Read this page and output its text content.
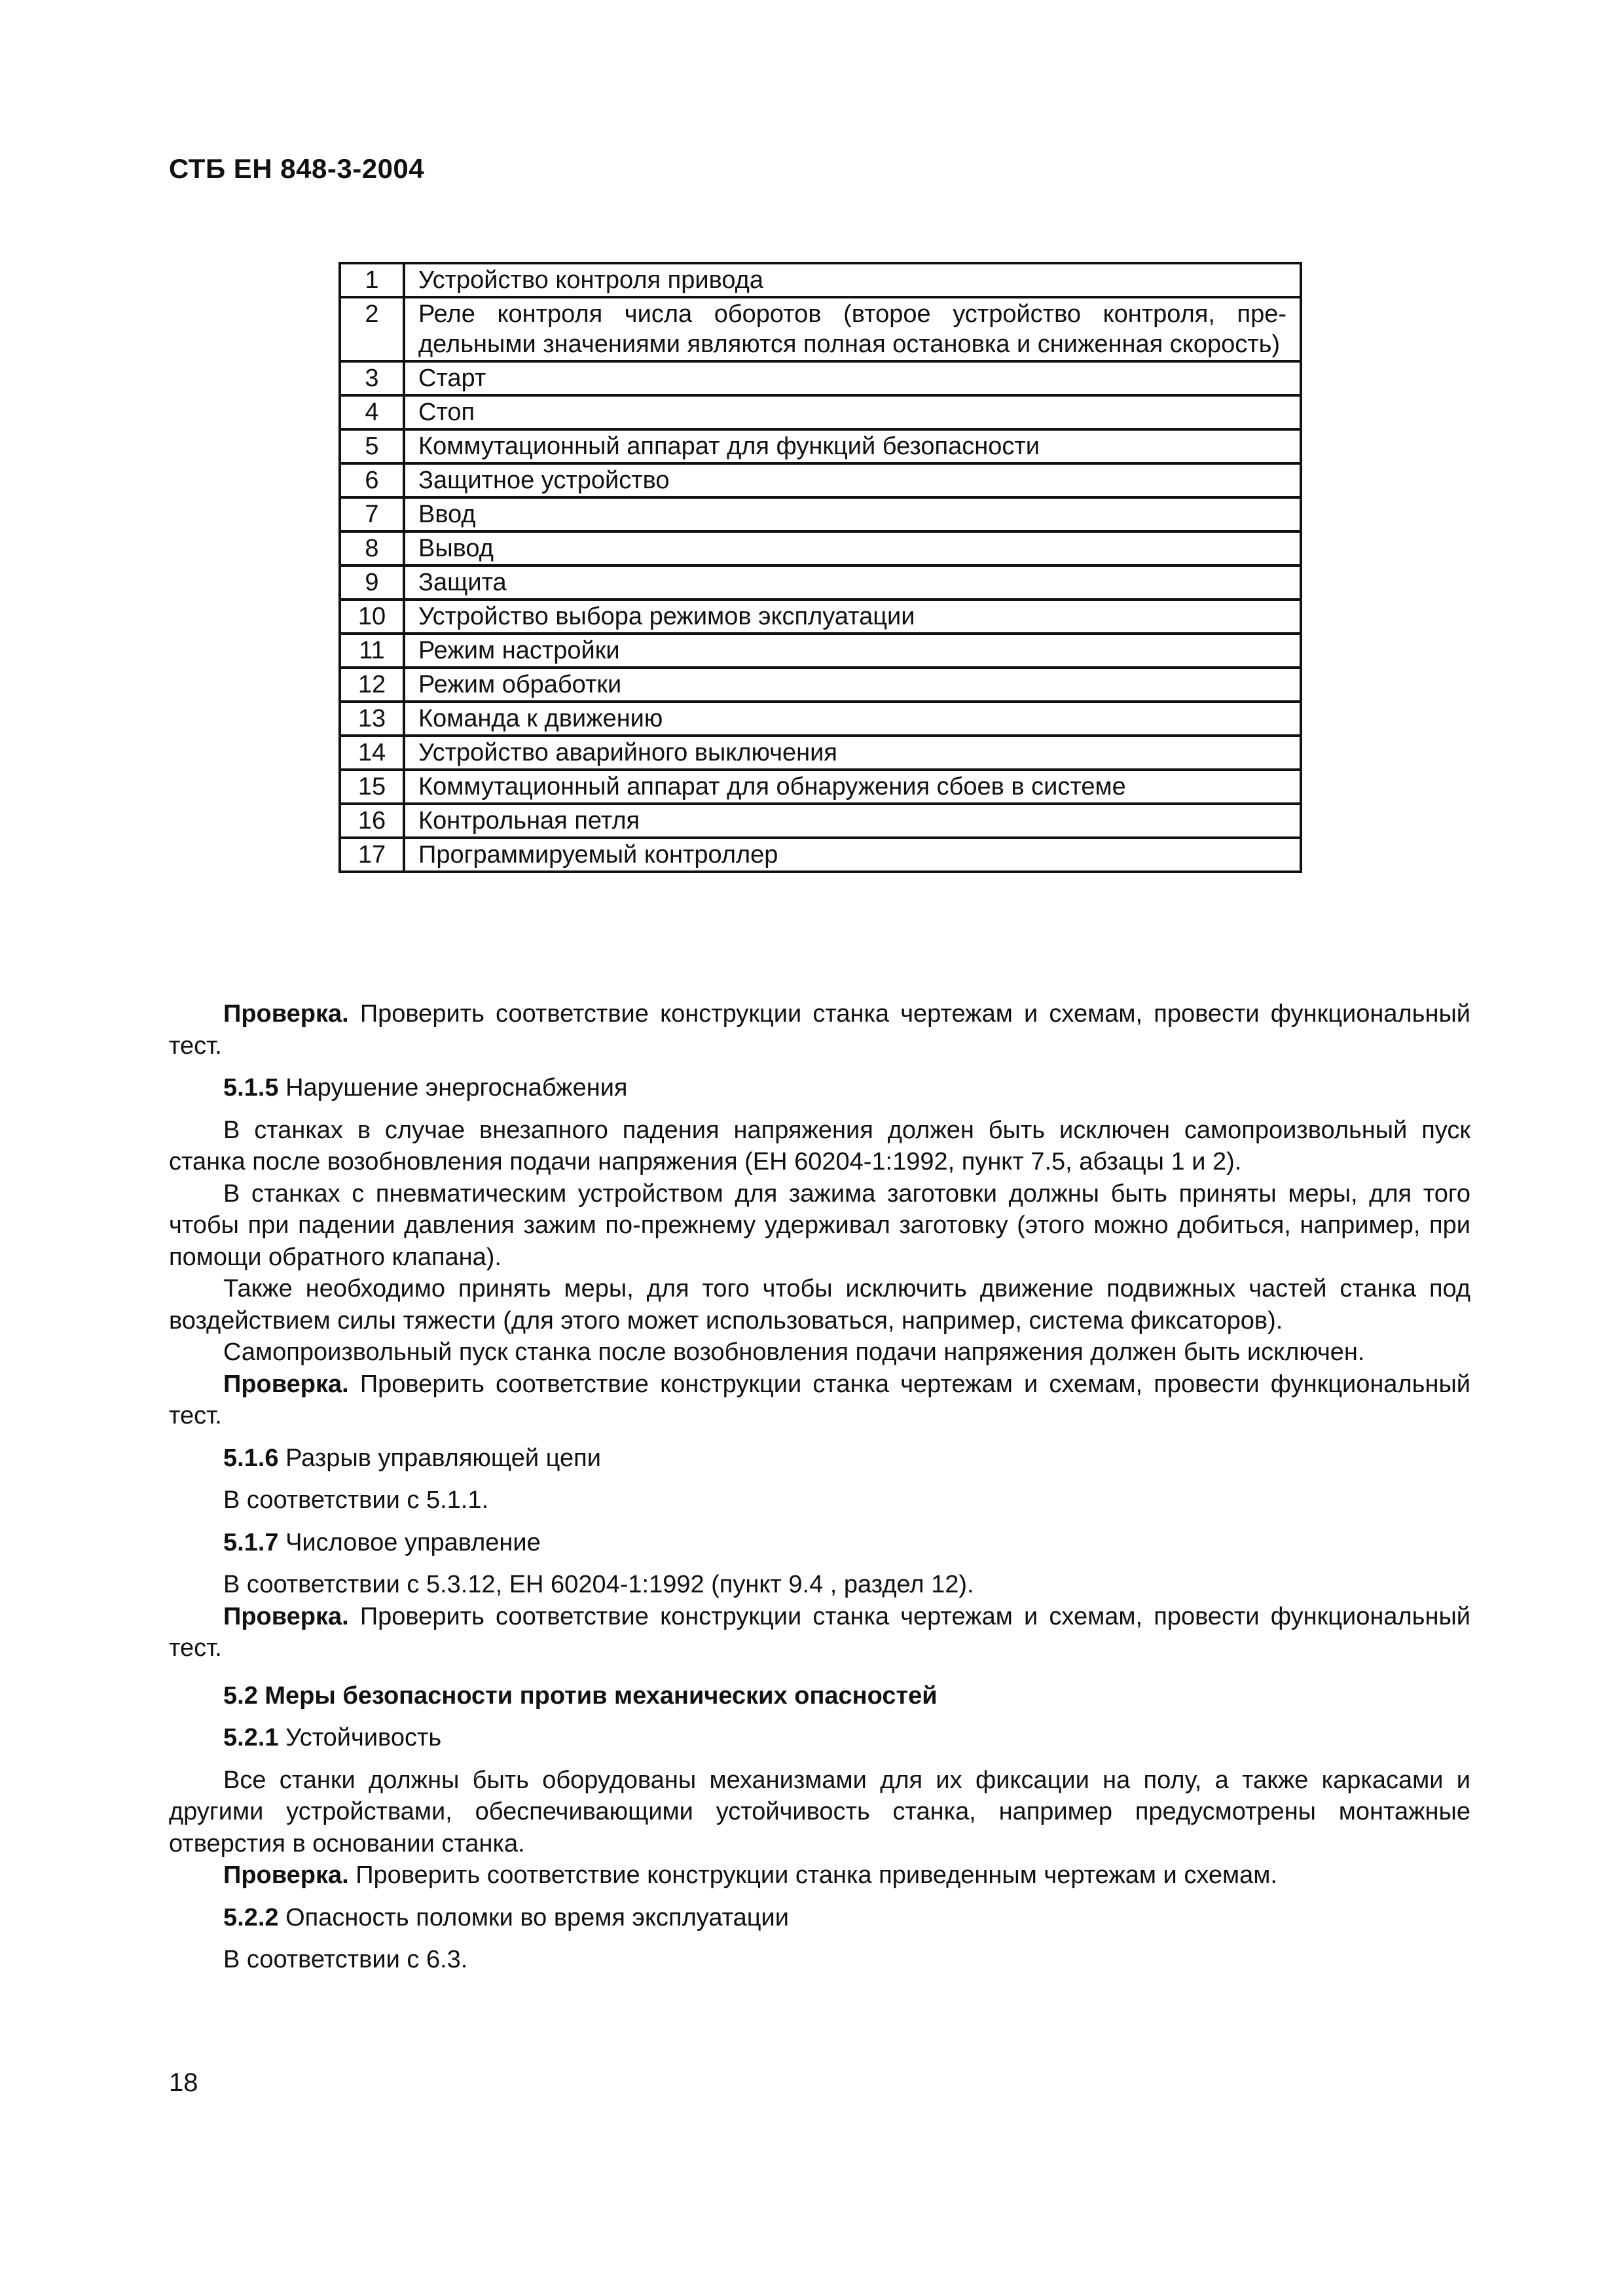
СТБ ЕН 848-3-2004
1	Устройство контроля привода
2	Реле контроля числа оборотов (второе устройство контроля, предельными значениями являются полная остановка и сниженная скорость)
3	Старт
4	Стоп
5	Коммутационный аппарат для функций безопасности
6	Защитное устройство
7	Ввод
8	Вывод
9	Защита
10	Устройство выбора режимов эксплуатации
11	Режим настройки
12	Режим обработки
13	Команда к движению
14	Устройство аварийного выключения
15	Коммутационный аппарат для обнаружения сбоев в системе
16	Контрольная петля
17	Программируемый контроллер

Проверка. Проверить соответствие конструкции станка чертежам и схемам, провести функциональный тест.

5.1.5 Нарушение энергоснабжения

В станках в случае внезапного падения напряжения должен быть исключен самопроизвольный пуск станка после возобновления подачи напряжения (ЕН 60204-1:1992, пункт 7.5, абзацы 1 и 2).

В станках с пневматическим устройством для зажима заготовки должны быть приняты меры, для того чтобы при падении давления зажим по-прежнему удерживал заготовку (этого можно добиться, например, при помощи обратного клапана).

Также необходимо принять меры, для того чтобы исключить движение подвижных частей станка под воздействием силы тяжести (для этого может использоваться, например, система фиксаторов).

Самопроизвольный пуск станка после возобновления подачи напряжения должен быть исключен.

Проверка. Проверить соответствие конструкции станка чертежам и схемам, провести функциональный тест.

5.1.6 Разрыв управляющей цепи

В соответствии с 5.1.1.

5.1.7 Числовое управление

В соответствии с 5.3.12, ЕН 60204-1:1992 (пункт 9.4 , раздел 12).

Проверка. Проверить соответствие конструкции станка чертежам и схемам, провести функциональный тест.

5.2 Меры безопасности против механических опасностей

5.2.1 Устойчивость

Все станки должны быть оборудованы механизмами для их фиксации на полу, а также каркасами и другими устройствами, обеспечивающими устойчивость станка, например предусмотрены монтажные отверстия в основании станка.

Проверка. Проверить соответствие конструкции станка приведенным чертежам и схемам.

5.2.2 Опасность поломки во время эксплуатации

В соответствии с 6.3.

18
